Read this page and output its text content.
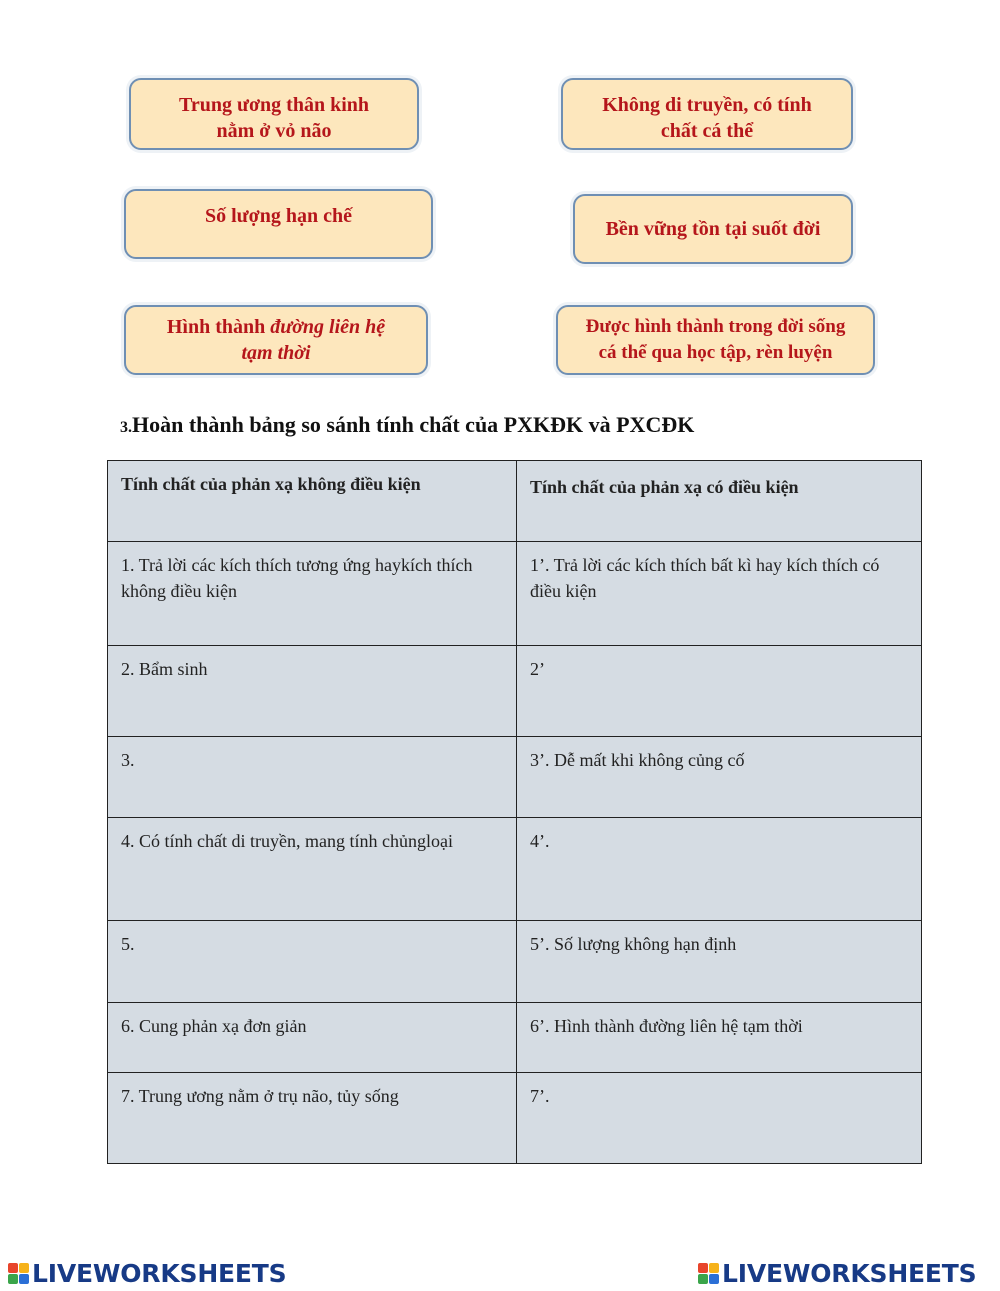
Trung ương thân kinh
nằm ở vỏ não
Không di truyền, có tính
chất cá thể
Số lượng hạn chế
Bền vững tồn tại suốt đời
Hình thành đường liên hệ
tạm thời
Được hình thành trong đời sống
cá thể qua học tập, rèn luyện
3.Hoàn thành bảng so sánh tính chất của PXKĐK và PXCĐK
Tính chất của phản xạ không điều kiện	Tính chất của phản xạ có điều kiện
1. Trả lời các kích thích tương ứng haykích thích không điều kiện	1’. Trả lời các kích thích bất kì hay kích thích có điều kiện
2. Bẩm sinh	2’
3.	3’. Dễ mất khi không củng cố
4. Có tính chất di truyền, mang tính chủngloại	4’.
5.	5’. Số lượng không hạn định
6. Cung phản xạ đơn giản	6’. Hình thành đường liên hệ tạm thời
7. Trung ương nằm ở trụ não, tủy sống	7’.
LIVEWORKSHEETS	LIVEWORKSHEETS
